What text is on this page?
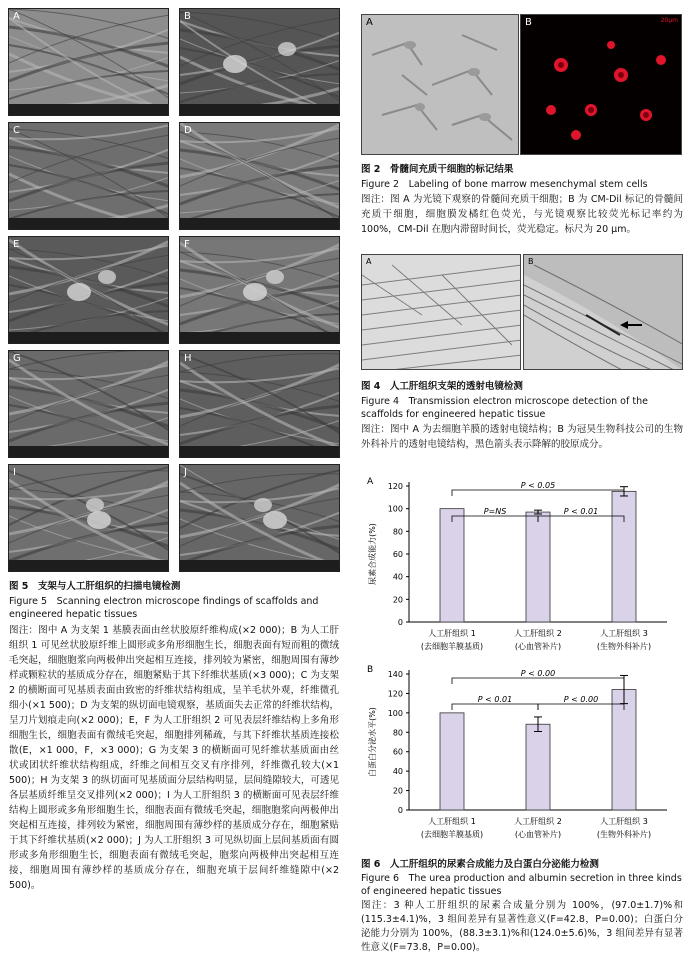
A	B
C	D
E	F
G	H
I	J
图 5　支架与人工肝组织的扫描电镜检测
Figure 5　Scanning electron microscope findings of scaffolds and engineered hepatic tissues
图注：图中 A 为支架 1 基膜表面由丝状胶原纤维构成(×2 000)；B 为人工肝组织 1 可见丝状胶原纤维上圆形或多角形细胞生长，细胞表面有短而粗的微绒毛突起，细胞胞浆向两极伸出突起相互连接，排列较为紧密，细胞周围有薄纱样或颗粒状的基质成分存在，细胞紧贴于其下纤维状基质(×3 000)；C 为支架 2 的横断面可见基质表面由致密的纤维状结构组成，呈羊毛状外观，纤维微孔细小(×1 500)；D 为支架的纵切面电镜观察，基质面失去正常的纤维状结构，呈刀片划痕走向(×2 000)；E，F 为人工肝组织 2 可见表层纤维结构上多角形细胞生长，细胞表面有微绒毛突起，细胞排列稀疏，与其下纤维状基质连接松散(E，×1 000，F，×3 000)；G 为支架 3 的横断面可见纤维状基质面由丝状或团状纤维状结构组成，纤维之间相互交叉有序排列，纤维微孔较大(×1 500)；H 为支架 3 的纵切面可见基质面分层结构明显，层间缝隙较大，可透见各层基质纤维呈交叉排列(×2 000)；I 为人工肝组织 3 的横断面可见表层纤维结构上圆形或多角形细胞生长，细胞表面有微绒毛突起，细胞胞浆向两极伸出突起相互连接，排列较为紧密，细胞周围有薄纱样的基质成分存在，细胞紧贴于其下纤维状基质(×2 000)；J 为人工肝组织 3 可见纵切面上层间基质面有圆形或多角形细胞生长，细胞表面有微绒毛突起，胞浆向两极伸出突起相互连接，细胞周围有薄纱样的基质成分存在，细胞充填于层间纤维缝隙中(×2 500)。
A	B	20μm
图 2　骨髓间充质干细胞的标记结果
Figure 2　Labeling of bone marrow mesenchymal stem cells
图注：图 A 为光镜下观察的骨髓间充质干细胞；B 为 CM-Dil 标记的骨髓间充质干细胞，细胞膜发橘红色荧光，与光镜观察比较荧光标记率约为 100%，CM-Dil 在胞内滞留时间长，荧光稳定。标尺为 20 μm。
A	B
图 4　人工肝组织支架的透射电镜检测
Figure 4　Transmission electron microscope detection of the scaffolds for engineered hepatic tissue
图注：图中 A 为去细胞羊膜的透射电镜结构；B 为冠昊生物科技公司的生物外科补片的透射电镜结构，黑色箭头表示降解的胶原成分。
A
0
20
40
60
80
100
120
尿素合成能力(%)
人工肝组织 1
(去细胞羊膜基质)
人工肝组织 2
(心血管补片)
人工肝组织 3
(生物外科补片)
P < 0.05
P=NS	P < 0.01
B
0
20
40
60
80
100
120
140
白蛋白分泌水平(%)
人工肝组织 1
(去细胞羊膜基质)
人工肝组织 2
(心血管补片)
人工肝组织 3
(生物外科补片)
P < 0.00
P < 0.01	P < 0.00
图 6　人工肝组织的尿素合成能力及白蛋白分泌能力检测
Figure 6　The urea production and albumin secretion in three kinds of engineered hepatic tissues
图注：3 种人工肝组织的尿素合成量分别为 100%，(97.0±1.7)%和(115.3±4.1)%，3 组间差异有显著性意义(F=42.8，P=0.00)；白蛋白分泌能力分别为 100%，(88.3±3.1)%和(124.0±5.6)%，3 组间差异有显著性意义(F=73.8，P=0.00)。
